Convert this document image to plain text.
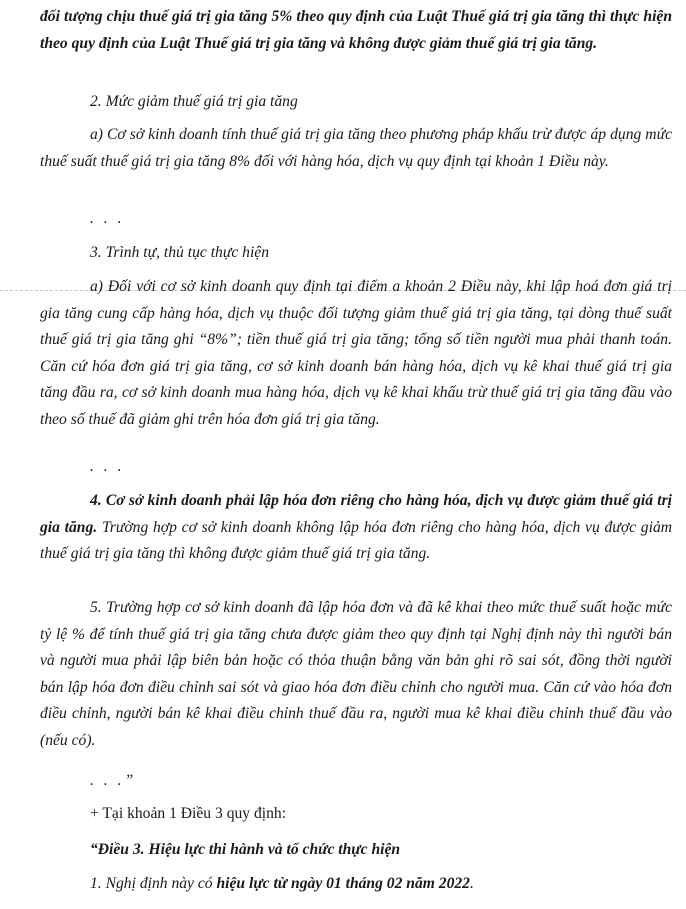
đối tượng chịu thuế giá trị gia tăng 5% theo quy định của Luật Thuế giá trị gia tăng thì thực hiện theo quy định của Luật Thuế giá trị gia tăng và không được giảm thuế giá trị gia tăng.
2. Mức giảm thuế giá trị gia tăng
a) Cơ sở kinh doanh tính thuế giá trị gia tăng theo phương pháp khấu trừ được áp dụng mức thuế suất thuế giá trị gia tăng 8% đối với hàng hóa, dịch vụ quy định tại khoản 1 Điều này.
. . .
3. Trình tự, thủ tục thực hiện
a) Đối với cơ sở kinh doanh quy định tại điểm a khoản 2 Điều này, khi lập hoá đơn giá trị gia tăng cung cấp hàng hóa, dịch vụ thuộc đối tượng giảm thuế giá trị gia tăng, tại dòng thuế suất thuế giá trị gia tăng ghi “8%”; tiền thuế giá trị gia tăng; tổng số tiền người mua phải thanh toán. Căn cứ hóa đơn giá trị gia tăng, cơ sở kinh doanh bán hàng hóa, dịch vụ kê khai thuế giá trị gia tăng đầu ra, cơ sở kinh doanh mua hàng hóa, dịch vụ kê khai khấu trừ thuế giá trị gia tăng đầu vào theo số thuế đã giảm ghi trên hóa đơn giá trị gia tăng.
. . .
4. Cơ sở kinh doanh phải lập hóa đơn riêng cho hàng hóa, dịch vụ được giảm thuế giá trị gia tăng. Trường hợp cơ sở kinh doanh không lập hóa đơn riêng cho hàng hóa, dịch vụ được giảm thuế giá trị gia tăng thì không được giảm thuế giá trị gia tăng.
5. Trường hợp cơ sở kinh doanh đã lập hóa đơn và đã kê khai theo mức thuế suất hoặc mức tỷ lệ % để tính thuế giá trị gia tăng chưa được giảm theo quy định tại Nghị định này thì người bán và người mua phải lập biên bản hoặc có thỏa thuận bằng văn bản ghi rõ sai sót, đồng thời người bán lập hóa đơn điều chỉnh sai sót và giao hóa đơn điều chỉnh cho người mua. Căn cứ vào hóa đơn điều chỉnh, người bán kê khai điều chỉnh thuế đầu ra, người mua kê khai điều chỉnh thuế đầu vào (nếu có).
. . .”
+ Tại khoản 1 Điều 3 quy định:
“Điều 3. Hiệu lực thi hành và tổ chức thực hiện
1. Nghị định này có hiệu lực từ ngày 01 tháng 02 năm 2022.
